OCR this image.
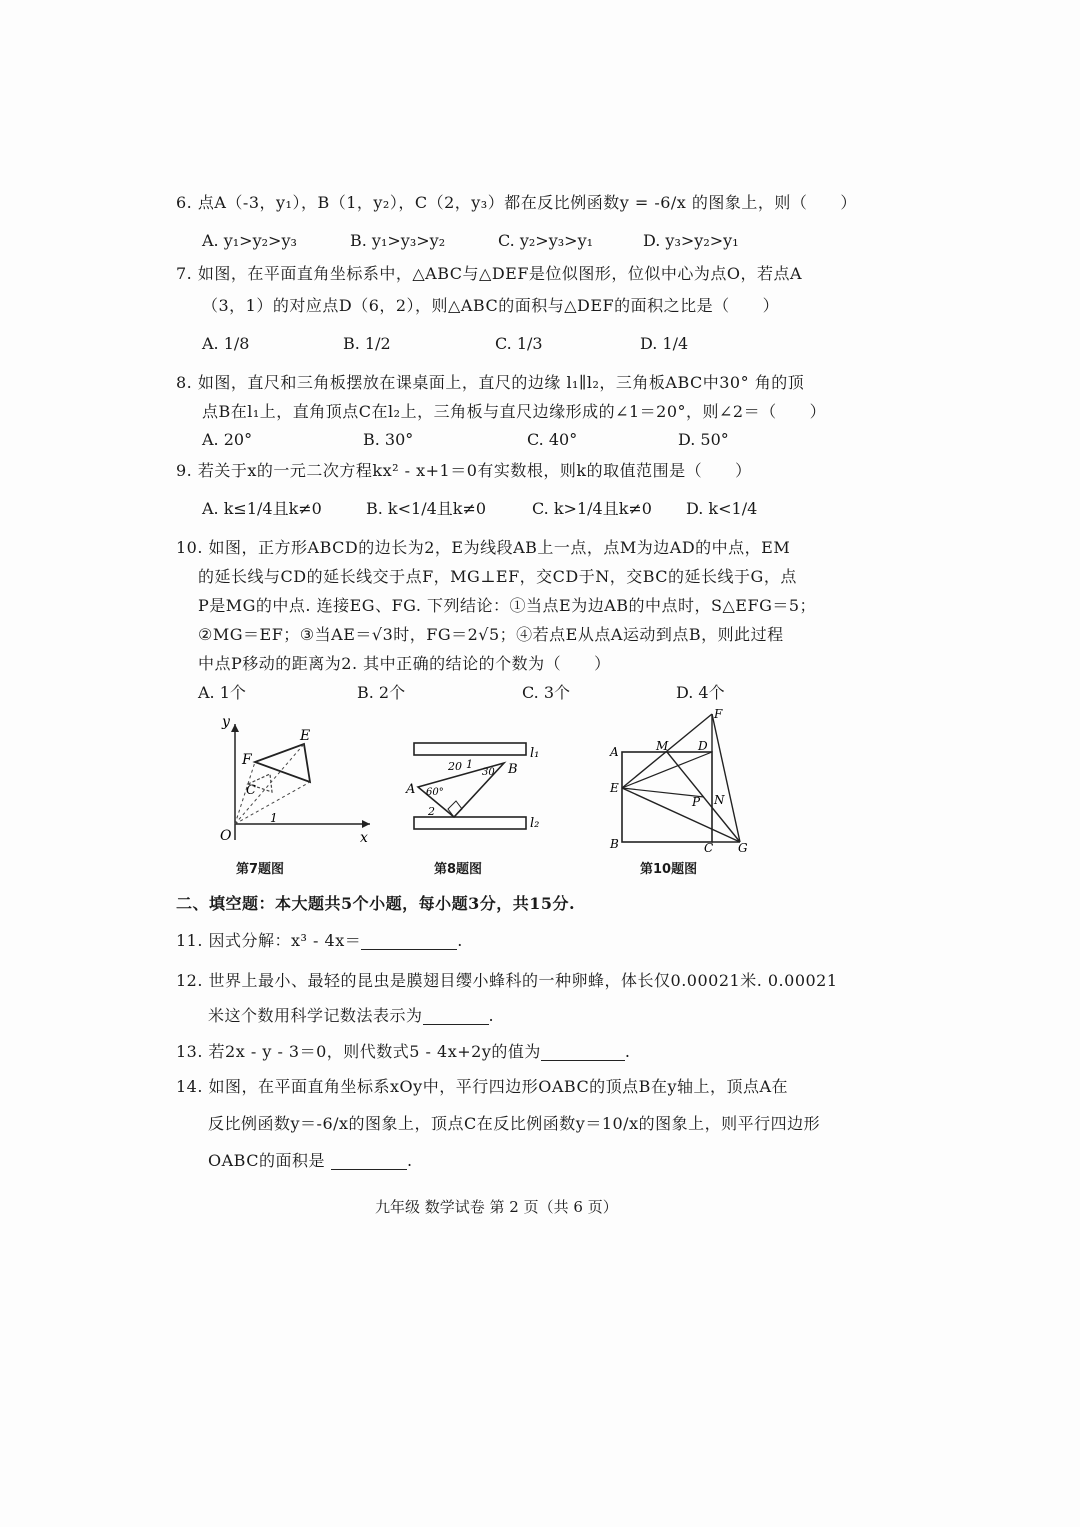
6. 点A（-3，y₁），B（1，y₂），C（2，y₃）都在反比例函数y = -6/x 的图象上，则（　　）
A. y₁>y₂>y₃	B. y₁>y₃>y₂	C. y₂>y₃>y₁	D. y₃>y₂>y₁
7. 如图，在平面直角坐标系中，△ABC与△DEF是位似图形，位似中心为点O，若点A
（3，1）的对应点D（6，2），则△ABC的面积与△DEF的面积之比是（　　）
A. 1/8	B. 1/2	C. 1/3	D. 1/4
8. 如图，直尺和三角板摆放在课桌面上，直尺的边缘 l₁∥l₂，三角板ABC中30° 角的顶
点B在l₁上，直角顶点C在l₂上，三角板与直尺边缘形成的∠1＝20°，则∠2＝（　　）
A. 20°	B. 30°	C. 40°	D. 50°
9. 若关于x的一元二次方程kx² - x+1＝0有实数根，则k的取值范围是（　　）
A. k≤1/4且k≠0	B. k<1/4且k≠0	C. k>1/4且k≠0 D. k<1/4
10. 如图，正方形ABCD的边长为2，E为线段AB上一点，点M为边AD的中点，EM
的延长线与CD的延长线交于点F，MG⊥EF，交CD于N，交BC的延长线于G，点
P是MG的中点. 连接EG、FG. 下列结论：①当点E为边AB的中点时，S△EFG＝5；
②MG＝EF；③当AE＝√3时，FG＝2√5；④若点E从点A运动到点B，则此过程
中点P移动的距离为2. 其中正确的结论的个数为（　　）
A. 1个	B. 2个	C. 3个	D. 4个
y
x
O
F
E
C
1
第7题图
l₁
l₂
A
B
20 1
60°
30
2
第8题图
A	M D
F
E
P N
B	C G
第10题图
二、填空题：本大题共5个小题，每小题3分，共15分.
11. 因式分解：x³ - 4x＝	.
12. 世界上最小、最轻的昆虫是膜翅目缨小蜂科的一种卵蜂，体长仅0.00021米. 0.00021
米这个数用科学记数法表示为	.
13. 若2x - y - 3＝0，则代数式5 - 4x+2y的值为	.
14. 如图，在平面直角坐标系xOy中，平行四边形OABC的顶点B在y轴上，顶点A在
反比例函数y＝-6/x的图象上，顶点C在反比例函数y＝10/x的图象上，则平行四边形
OABC的面积是	.
九年级 数学试卷 第 2 页（共 6 页）
